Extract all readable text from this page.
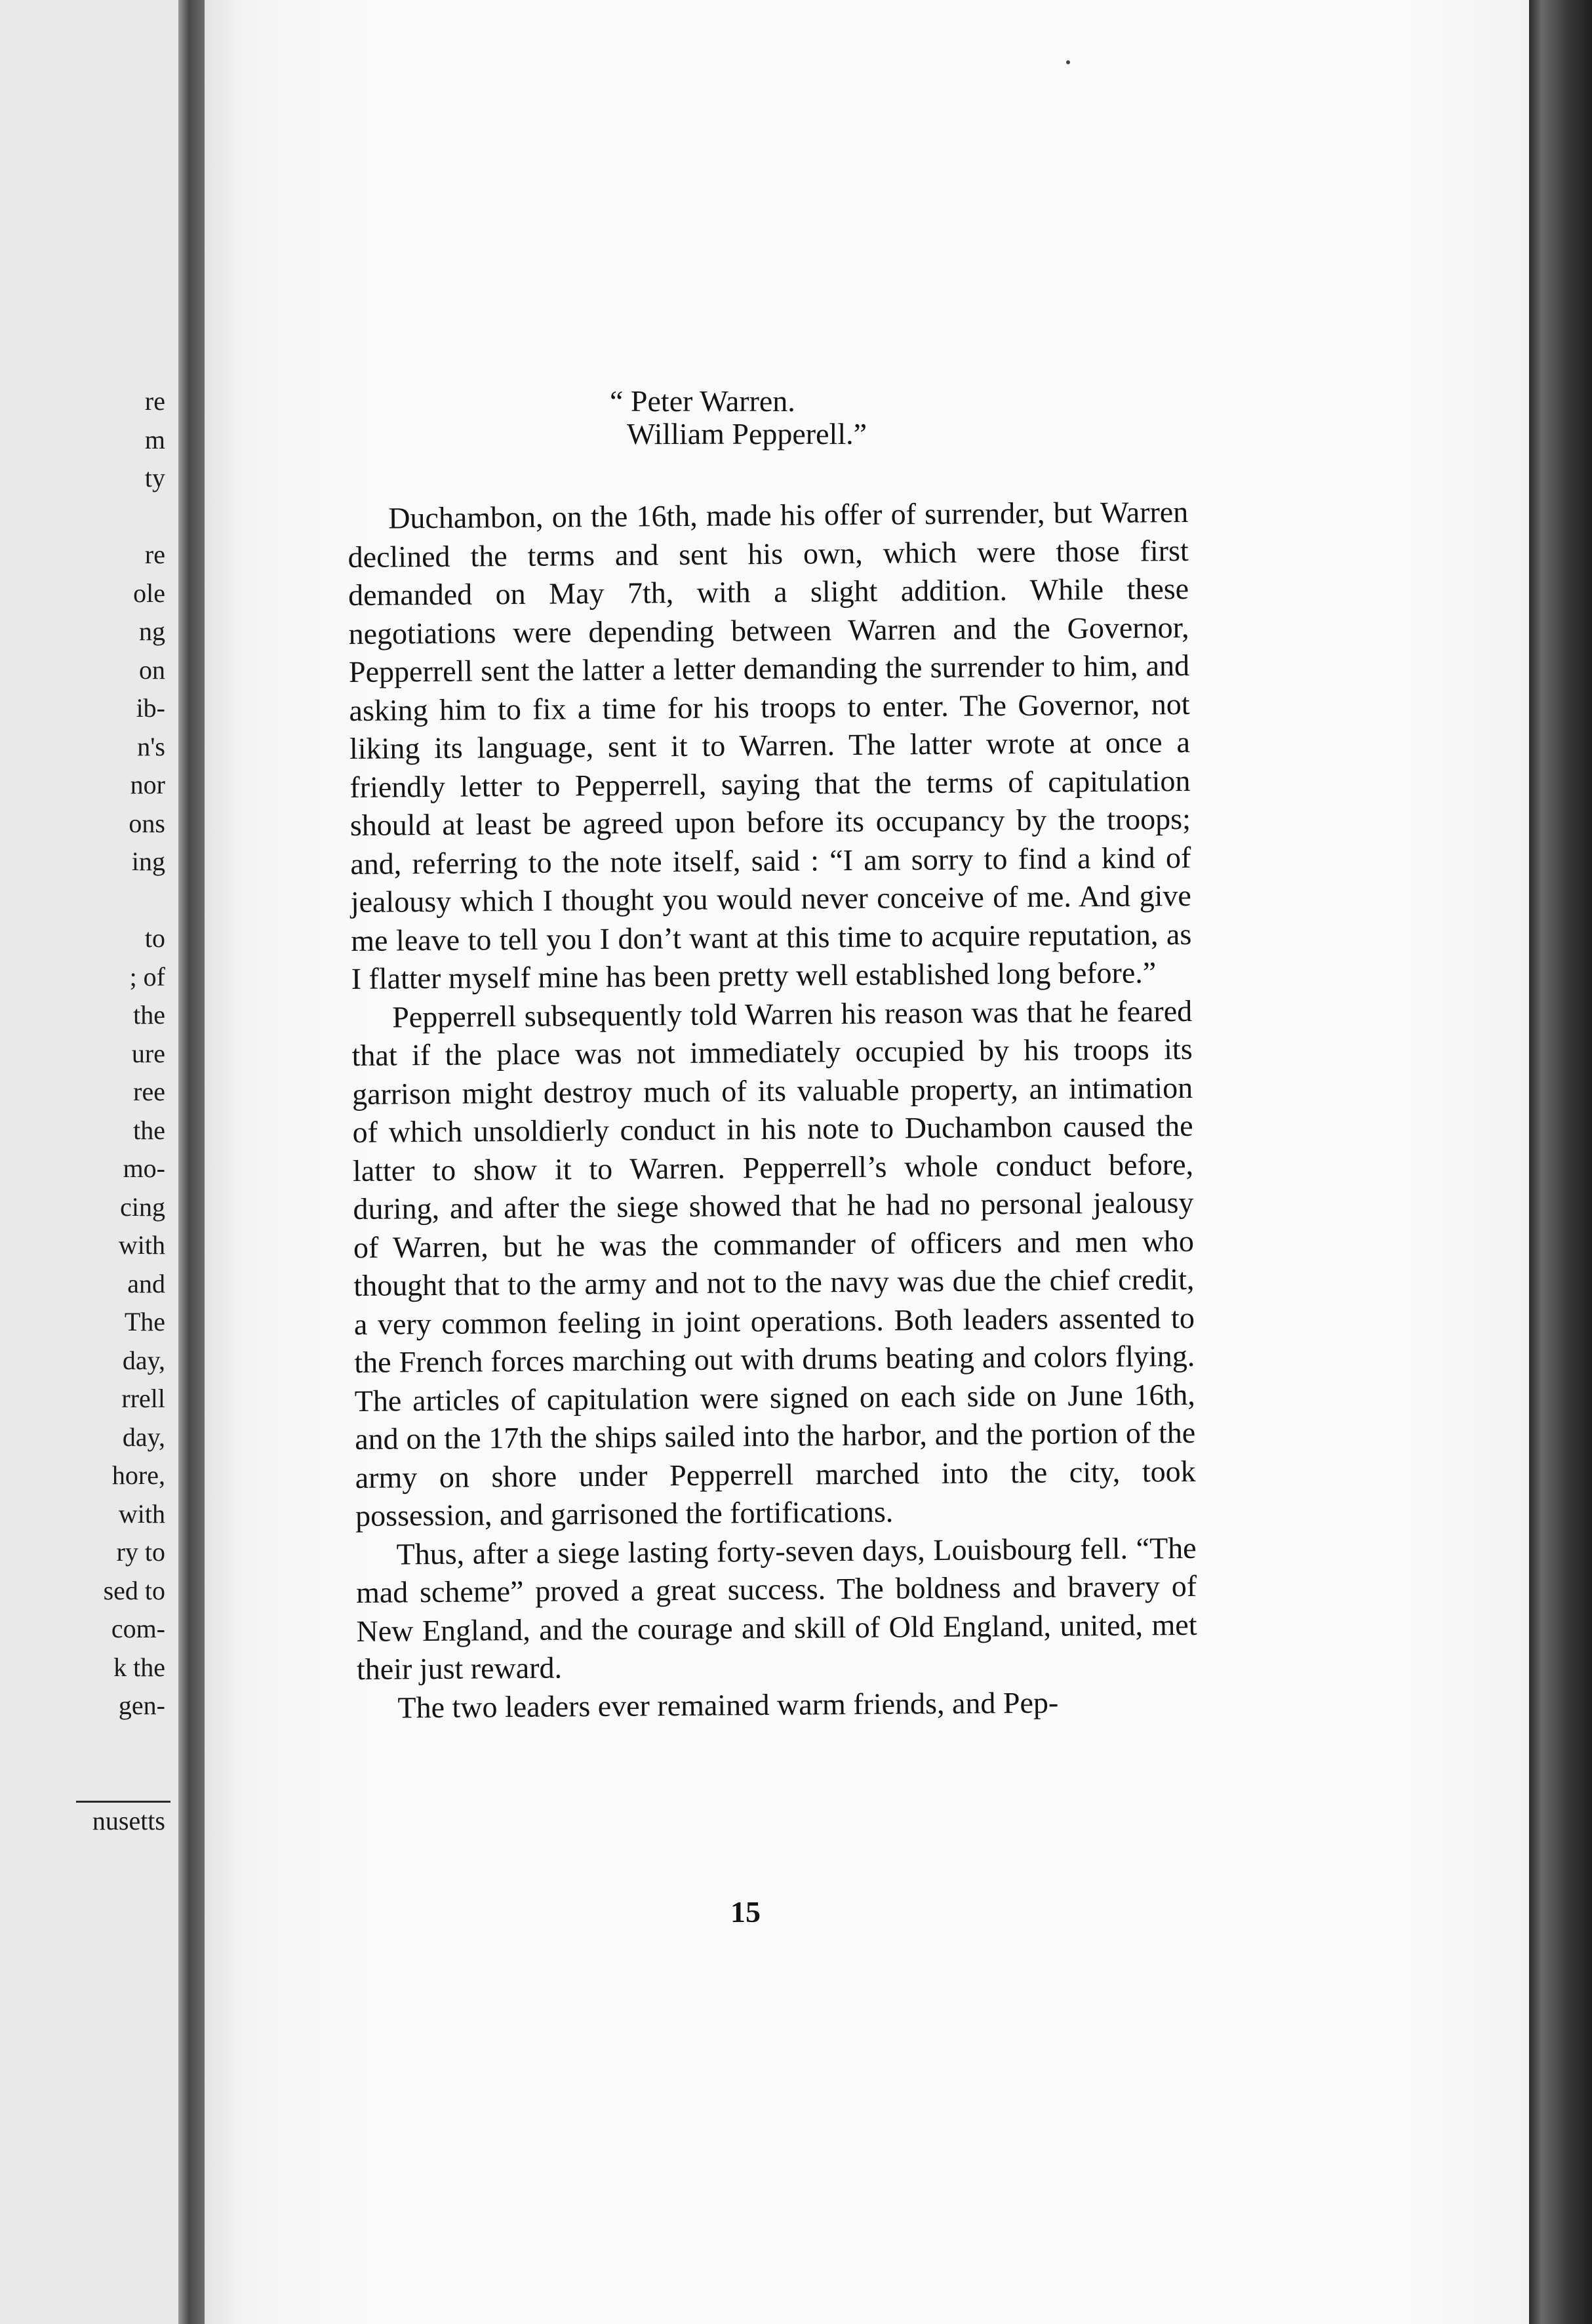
re
m
ty
re
ole
ng
on
ib-
n's
nor
ons
ing
to
; of
the
ure
ree
the
mo-
cing
with
and
The
day,
rrell
day,
hore,
with
ry to
sed to
com-
k the
gen-
nusetts
“ Peter Warren.
William Pepperell.”

Duchambon, on the 16th, made his offer of surrender, but Warren declined the terms and sent his own, which were those first demanded on May 7th, with a slight addition. While these negotiations were depending between Warren and the Governor, Pepperrell sent the latter a letter demanding the surrender to him, and asking him to fix a time for his troops to enter. The Governor, not liking its language, sent it to Warren. The latter wrote at once a friendly letter to Pepperrell, saying that the terms of capitulation should at least be agreed upon before its occupancy by the troops; and, referring to the note itself, said : “I am sorry to find a kind of jealousy which I thought you would never conceive of me. And give me leave to tell you I don’t want at this time to acquire reputation, as I flatter myself mine has been pretty well established long before.”

Pepperrell subsequently told Warren his reason was that he feared that if the place was not immediately occupied by his troops its garrison might destroy much of its valuable property, an intimation of which unsoldierly conduct in his note to Duchambon caused the latter to show it to Warren. Pepperrell’s whole conduct before, during, and after the siege showed that he had no personal jealousy of Warren, but he was the commander of officers and men who thought that to the army and not to the navy was due the chief credit, a very common feeling in joint operations. Both leaders assented to the French forces marching out with drums beating and colors flying. The articles of capitulation were signed on each side on June 16th, and on the 17th the ships sailed into the harbor, and the portion of the army on shore under Pepperrell marched into the city, took possession, and garrisoned the fortifications.

Thus, after a siege lasting forty-seven days, Louisbourg fell. “The mad scheme” proved a great success. The boldness and bravery of New England, and the courage and skill of Old England, united, met their just reward.

The two leaders ever remained warm friends, and Pep-

15
